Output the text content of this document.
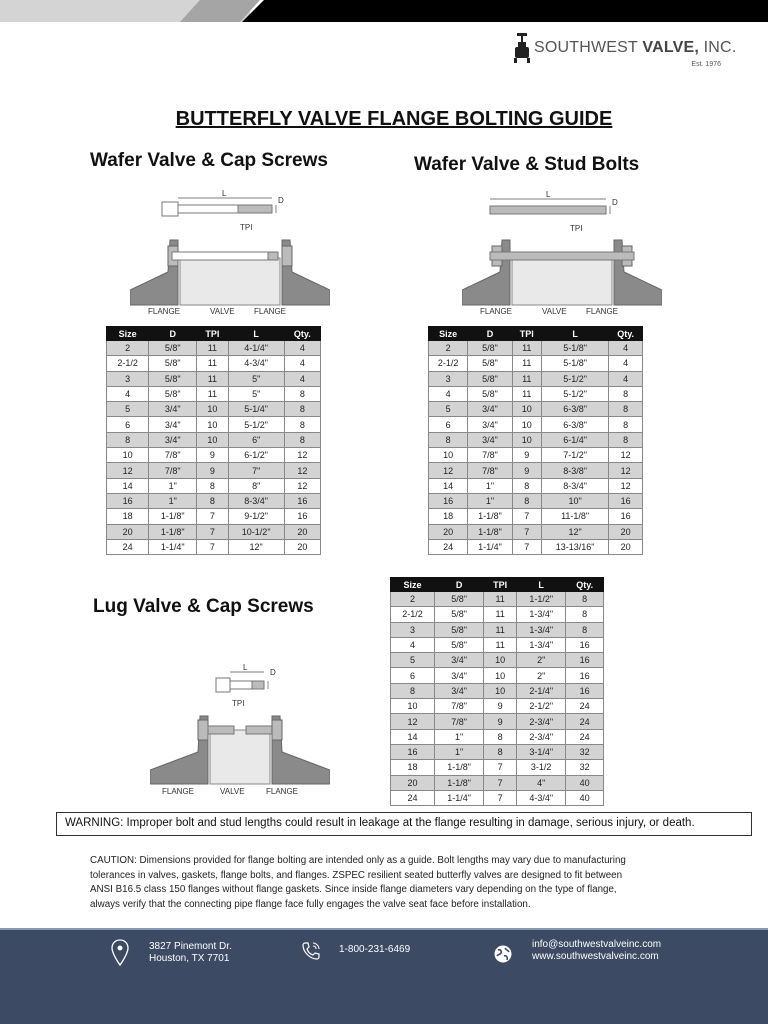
SOUTHWEST VALVE, INC.
Est. 1976
BUTTERFLY VALVE FLANGE BOLTING GUIDE
Wafer Valve & Cap Screws	Wafer Valve & Stud Bolts
Lug Valve & Cap Screws
L
D
TPI
FLANGE	VALVE FLANGE
L
D
TPI
FLANGE	VALVE FLANGE
L
D
TPI
FLANGE	VALVE	FLANGE
Size	D	TPI	L	Qty.
2	5/8"	11	4-1/4"	4
2-1/2	5/8"	11	4-3/4"	4
3	5/8"	11	5"	4
4	5/8"	11	5"	8
5	3/4"	10	5-1/4"	8
6	3/4"	10	5-1/2"	8
8	3/4"	10	6"	8
10	7/8"	9	6-1/2"	12
12	7/8"	9	7"	12
14	1"	8	8"	12
16	1"	8	8-3/4"	16
18	1-1/8"	7	9-1/2"	16
20	1-1/8"	7	10-1/2"	20
24	1-1/4"	7	12"	20
Size	D	TPI	L	Qty.
2	5/8"	11	5-1/8"	4
2-1/2	5/8"	11	5-1/8"	4
3	5/8"	11	5-1/2"	4
4	5/8"	11	5-1/2"	8
5	3/4"	10	6-3/8"	8
6	3/4"	10	6-3/8"	8
8	3/4"	10	6-1/4"	8
10	7/8"	9	7-1/2"	12
12	7/8"	9	8-3/8"	12
14	1"	8	8-3/4"	12
16	1"	8	10"	16
18	1-1/8"	7	11-1/8"	16
20	1-1/8"	7	12"	20
24	1-1/4"	7	13-13/16"	20
Size	D	TPI	L	Qty.
2	5/8"	11	1-1/2"	8
2-1/2	5/8"	11	1-3/4"	8
3	5/8"	11	1-3/4"	8
4	5/8"	11	1-3/4"	16
5	3/4"	10	2"	16
6	3/4"	10	2"	16
8	3/4"	10	2-1/4"	16
10	7/8"	9	2-1/2"	24
12	7/8"	9	2-3/4"	24
14	1"	8	2-3/4"	24
16	1"	8	3-1/4"	32
18	1-1/8"	7	3-1/2	32
20	1-1/8"	7	4"	40
24	1-1/4"	7	4-3/4"	40
WARNING: Improper bolt and stud lengths could result in leakage at the flange resulting in damage, serious injury, or death.
CAUTION: Dimensions provided for flange bolting are intended only as a guide. Bolt lengths may vary due to manufacturing
tolerances in valves, gaskets, flange bolts, and flanges. ZSPEC resilient seated butterfly valves are designed to fit between
ANSI B16.5 class 150 flanges without flange gaskets. Since inside flange diameters vary depending on the type of flange,
always verify that the connecting pipe flange face fully engages the valve seat face before installation.
3827 Pinemont Dr.
Houston, TX 7701
1-800-231-6469	info@southwestvalveinc.com
www.southwestvalveinc.com
